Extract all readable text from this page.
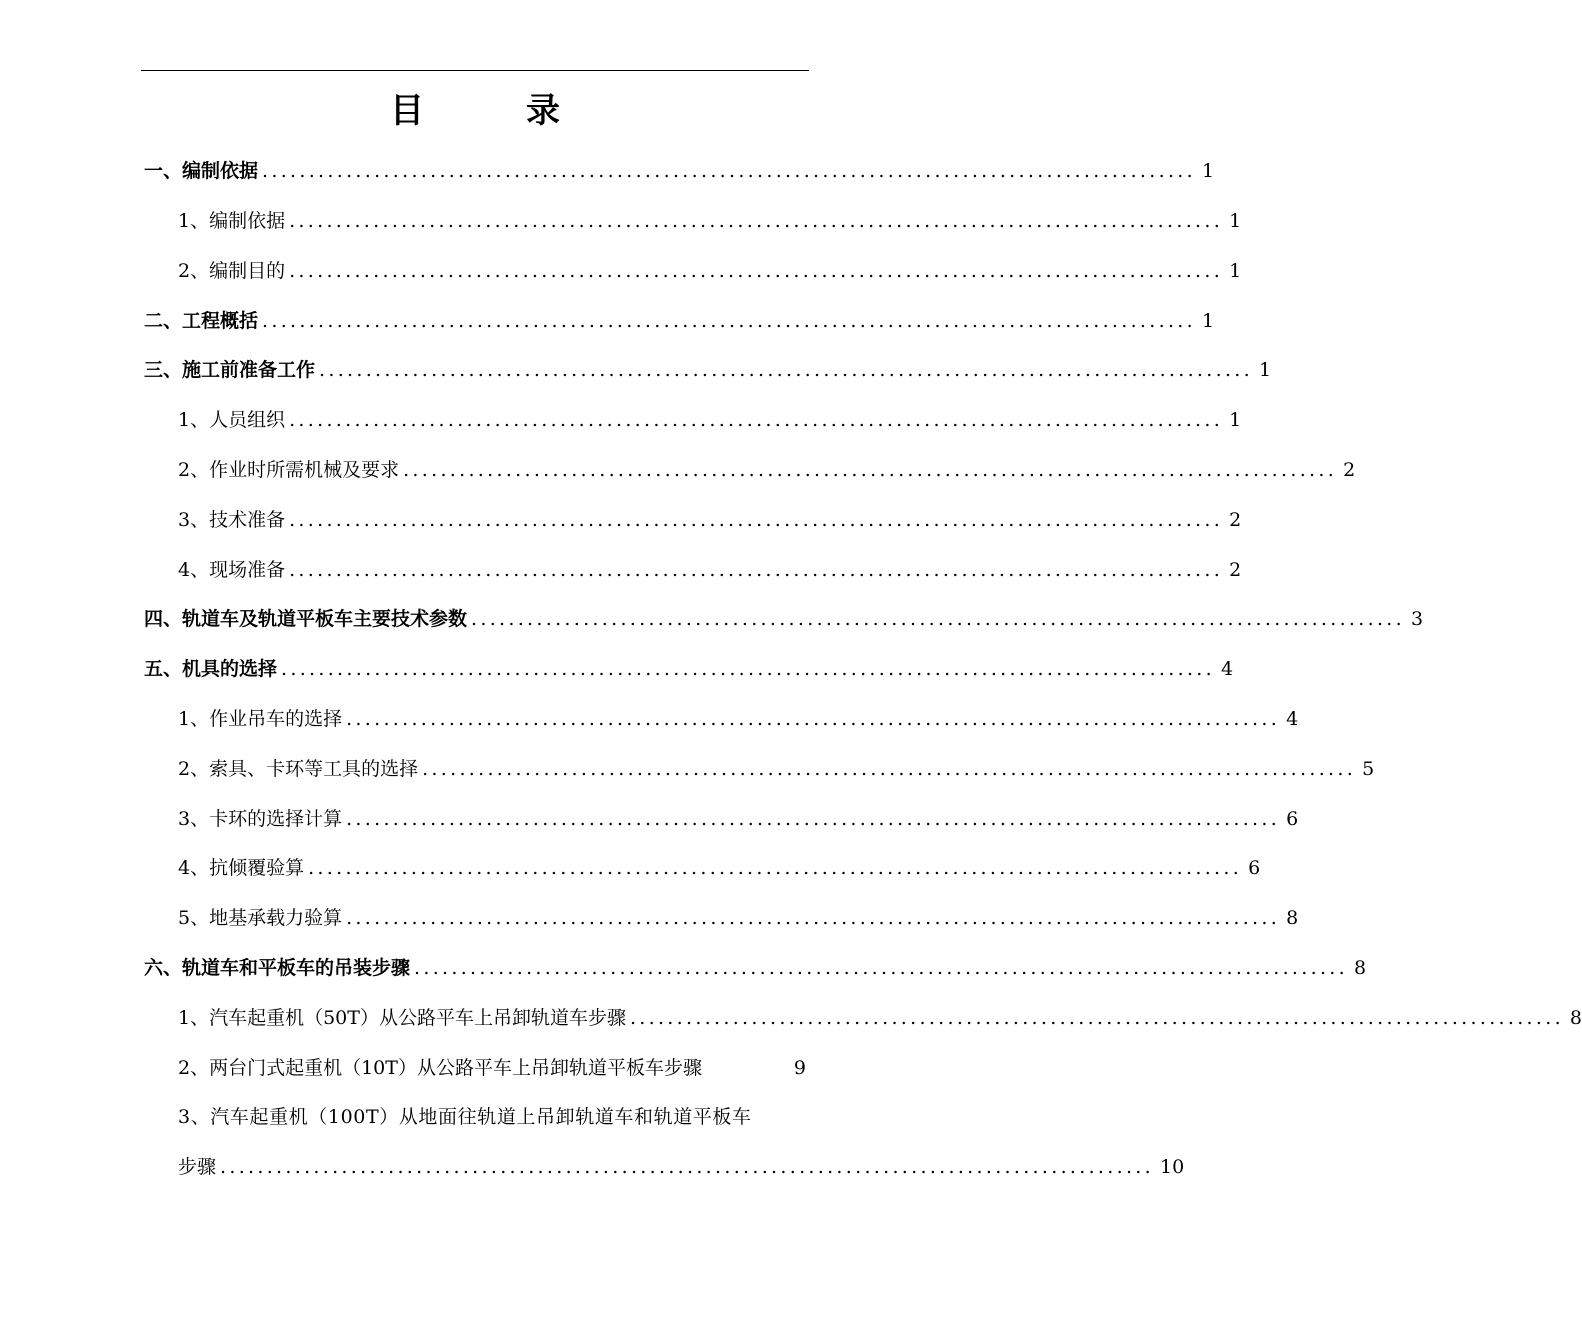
目　录
一、编制依据 .................................................................................................... 1
1、编制依据 .................................................................................................... 1
2、编制目的 .................................................................................................... 1
二、工程概括 .................................................................................................... 1
三、施工前准备工作 .................................................................................................... 1
1、人员组织 .................................................................................................... 1
2、作业时所需机械及要求 .................................................................................................... 2
3、技术准备 .................................................................................................... 2
4、现场准备 .................................................................................................... 2
四、轨道车及轨道平板车主要技术参数 .................................................................................................... 3
五、机具的选择 .................................................................................................... 4
1、作业吊车的选择 .................................................................................................... 4
2、索具、卡环等工具的选择 .................................................................................................... 5
3、卡环的选择计算 .................................................................................................... 6
4、抗倾覆验算 .................................................................................................... 6
5、地基承载力验算 .................................................................................................... 8
六、轨道车和平板车的吊装步骤 .................................................................................................... 8
1、汽车起重机（50T）从公路平车上吊卸轨道车步骤 .................................................................................................... 8
2、两台门式起重机（10T）从公路平车上吊卸轨道平板车步骤	9
3、汽车起重机（100T）从地面往轨道上吊卸轨道车和轨道平板车
步骤 .................................................................................................... 10
